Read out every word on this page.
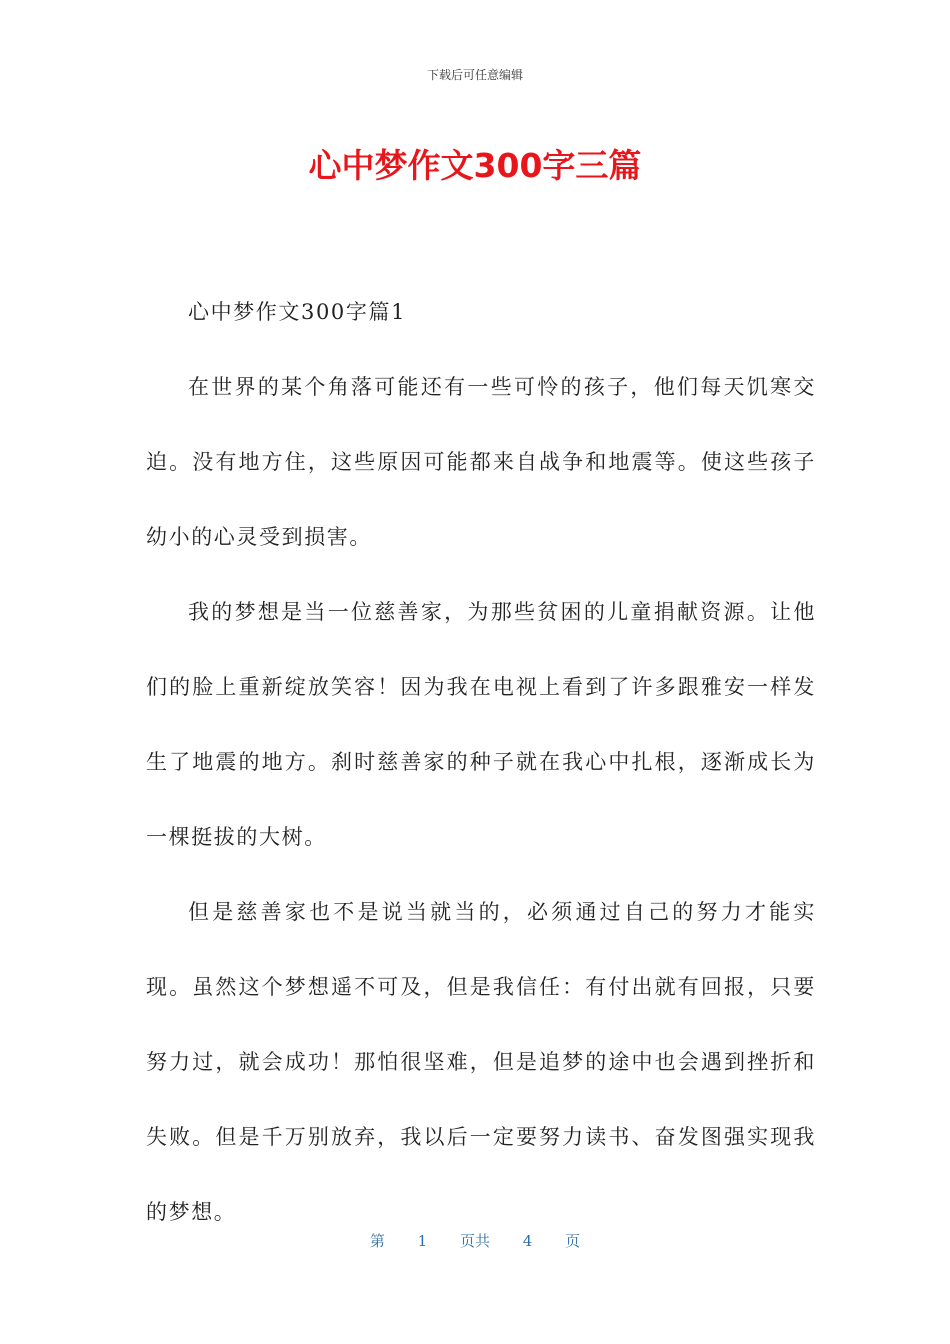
下载后可任意编辑
心中梦作文300字三篇

心中梦作文300字篇1

在世界的某个角落可能还有一些可怜的孩子，他们每天饥寒交迫。没有地方住，这些原因可能都来自战争和地震等。使这些孩子幼小的心灵受到损害。

我的梦想是当一位慈善家，为那些贫困的儿童捐献资源。让他们的脸上重新绽放笑容！因为我在电视上看到了许多跟雅安一样发生了地震的地方。刹时慈善家的种子就在我心中扎根，逐渐成长为一棵挺拔的大树。

但是慈善家也不是说当就当的，必须通过自己的努力才能实现。虽然这个梦想遥不可及，但是我信任：有付出就有回报，只要努力过，就会成功！那怕很坚难，但是追梦的途中也会遇到挫折和失败。但是千万别放弃，我以后一定要努力读书、奋发图强实现我的梦想。

第 1 页共 4 页
